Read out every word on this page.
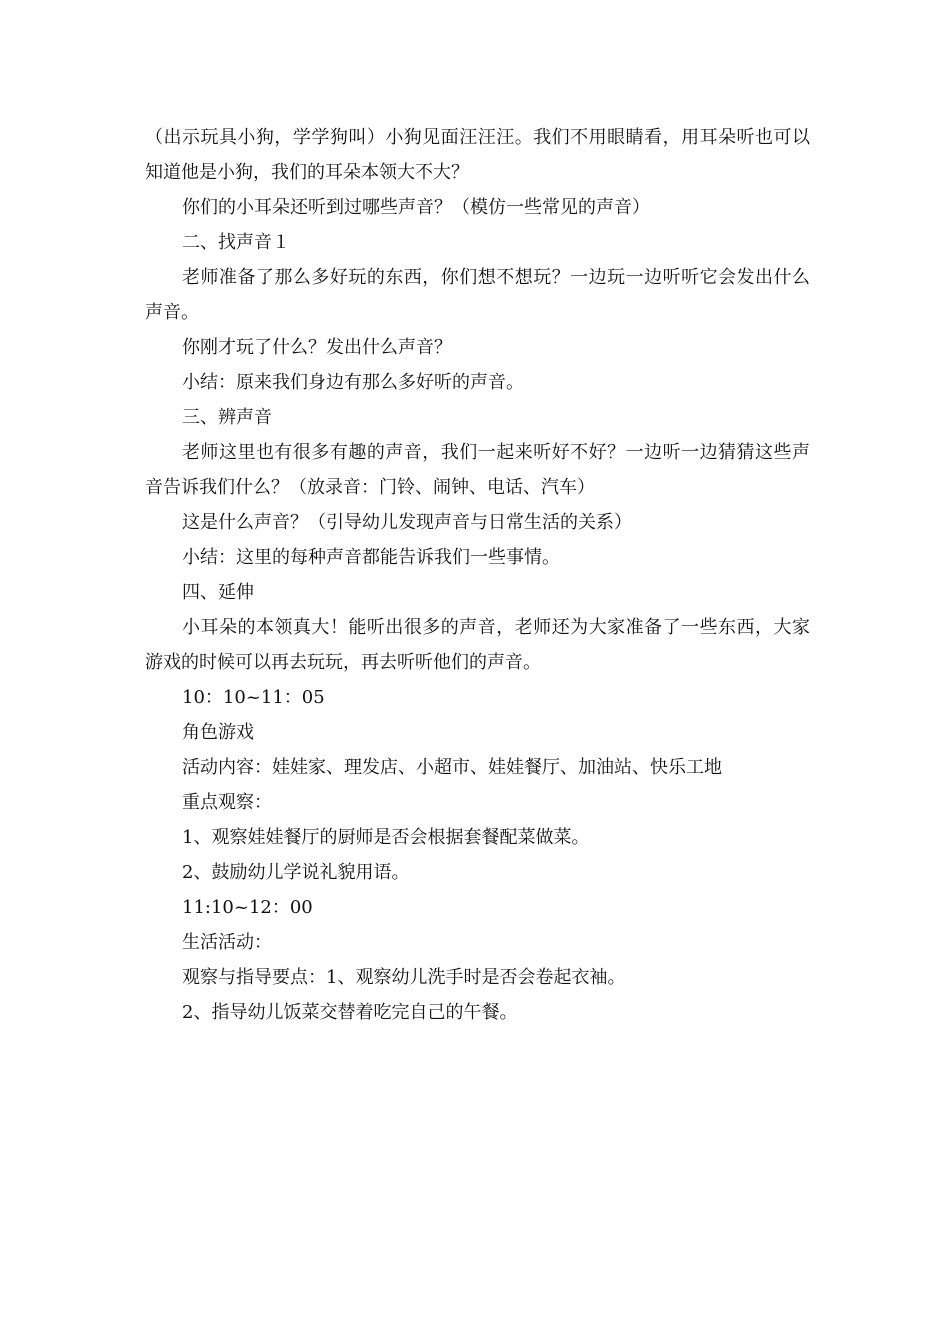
（出示玩具小狗，学学狗叫）小狗见面汪汪汪。我们不用眼睛看，用耳朵听也可以知道他是小狗，我们的耳朵本领大不大？

你们的小耳朵还听到过哪些声音？（模仿一些常见的声音）

二、找声音１

老师准备了那么多好玩的东西，你们想不想玩？一边玩一边听听它会发出什么声音。

你刚才玩了什么？发出什么声音？

小结：原来我们身边有那么多好听的声音。

三、辨声音

老师这里也有很多有趣的声音，我们一起来听好不好？一边听一边猜猜这些声音告诉我们什么？（放录音：门铃、闹钟、电话、汽车）

这是什么声音？（引导幼儿发现声音与日常生活的关系）

小结：这里的每种声音都能告诉我们一些事情。

四、延伸

小耳朵的本领真大！能听出很多的声音，老师还为大家准备了一些东西，大家游戏的时候可以再去玩玩，再去听听他们的声音。

10：10~11：05

角色游戏

活动内容：娃娃家、理发店、小超市、娃娃餐厅、加油站、快乐工地

重点观察：

1、观察娃娃餐厅的厨师是否会根据套餐配菜做菜。

2、鼓励幼儿学说礼貌用语。

11:10~12：00

生活活动：

观察与指导要点：1、观察幼儿洗手时是否会卷起衣袖。

2、指导幼儿饭菜交替着吃完自己的午餐。
